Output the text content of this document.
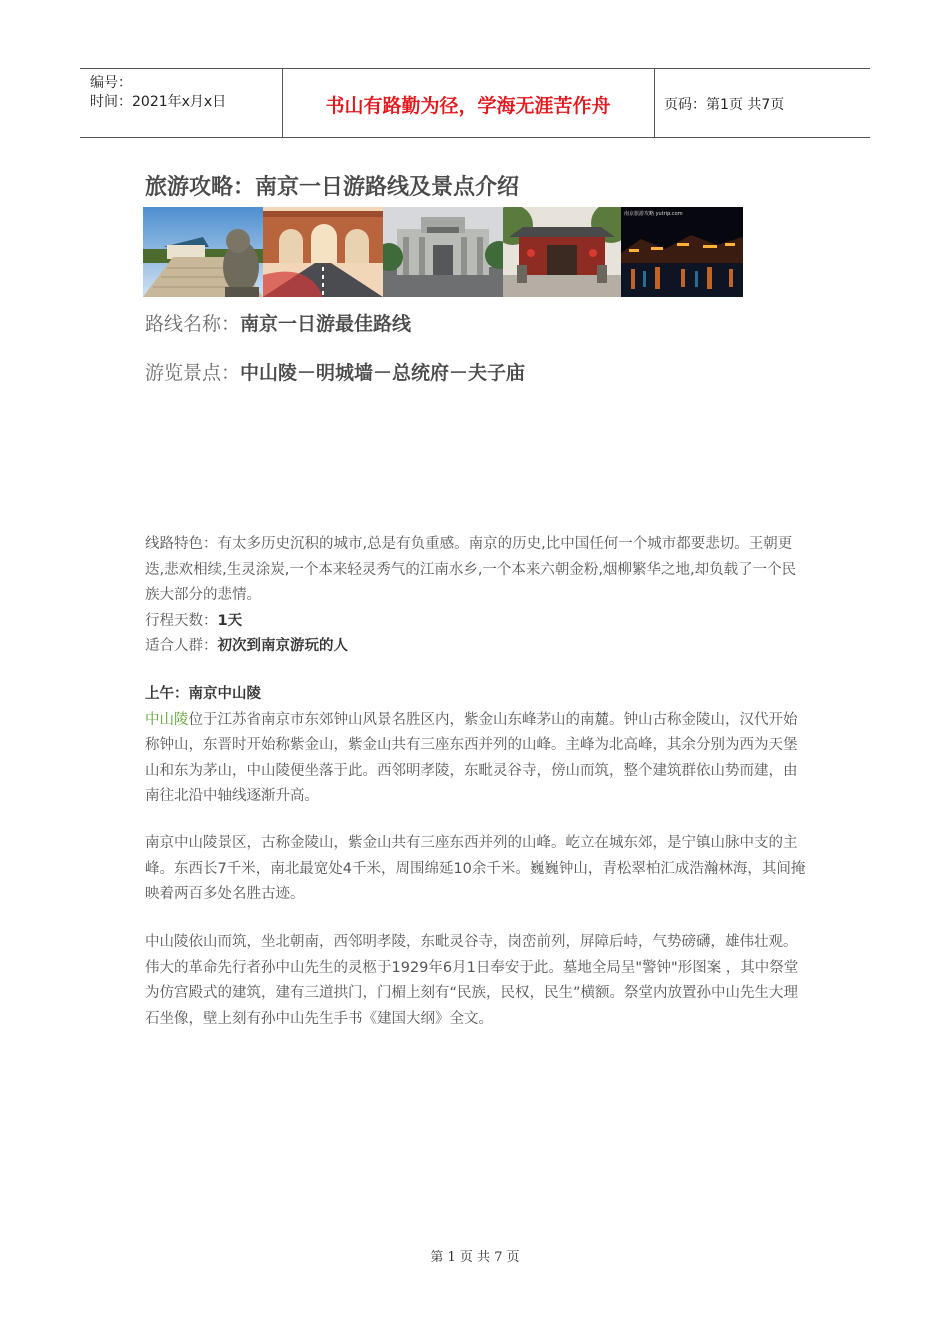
编号：
时间：2021年x月x日	书山有路勤为径，学海无涯苦作舟	页码：第1页 共7页
旅游攻略：南京一日游路线及景点介绍
南京旅游攻略 yutrip.com
路线名称：南京一日游最佳路线
游览景点：中山陵－明城墙－总统府－夫子庙
线路特色：有太多历史沉积的城市,总是有负重感。南京的历史,比中国任何一个城市都要悲切。王朝更迭,悲欢相续,生灵涂炭,一个本来轻灵秀气的江南水乡,一个本来六朝金粉,烟柳繁华之地,却负载了一个民族大部分的悲情。
行程天数：1天
适合人群：初次到南京游玩的人
上午：南京中山陵
中山陵位于江苏省南京市东郊钟山风景名胜区内，紫金山东峰茅山的南麓。钟山古称金陵山，汉代开始称钟山，东晋时开始称紫金山，紫金山共有三座东西并列的山峰。主峰为北高峰，其余分别为西为天堡山和东为茅山，中山陵便坐落于此。西邻明孝陵，东毗灵谷寺，傍山而筑，整个建筑群依山势而建，由南往北沿中轴线逐渐升高。
南京中山陵景区，古称金陵山，紫金山共有三座东西并列的山峰。屹立在城东郊，是宁镇山脉中支的主峰。东西长7千米，南北最宽处4千米，周围绵延10余千米。巍巍钟山，青松翠柏汇成浩瀚林海，其间掩映着两百多处名胜古迹。
中山陵依山而筑，坐北朝南，西邻明孝陵，东毗灵谷寺，岗峦前列，屏障后峙，气势磅礴，雄伟壮观。伟大的革命先行者孙中山先生的灵柩于1929年6月1日奉安于此。墓地全局呈"警钟"形图案 ，其中祭堂为仿宫殿式的建筑，建有三道拱门，门楣上刻有“民族，民权，民生”横额。祭堂内放置孙中山先生大理石坐像，壁上刻有孙中山先生手书《建国大纲》全文。
第 1 页 共 7 页
